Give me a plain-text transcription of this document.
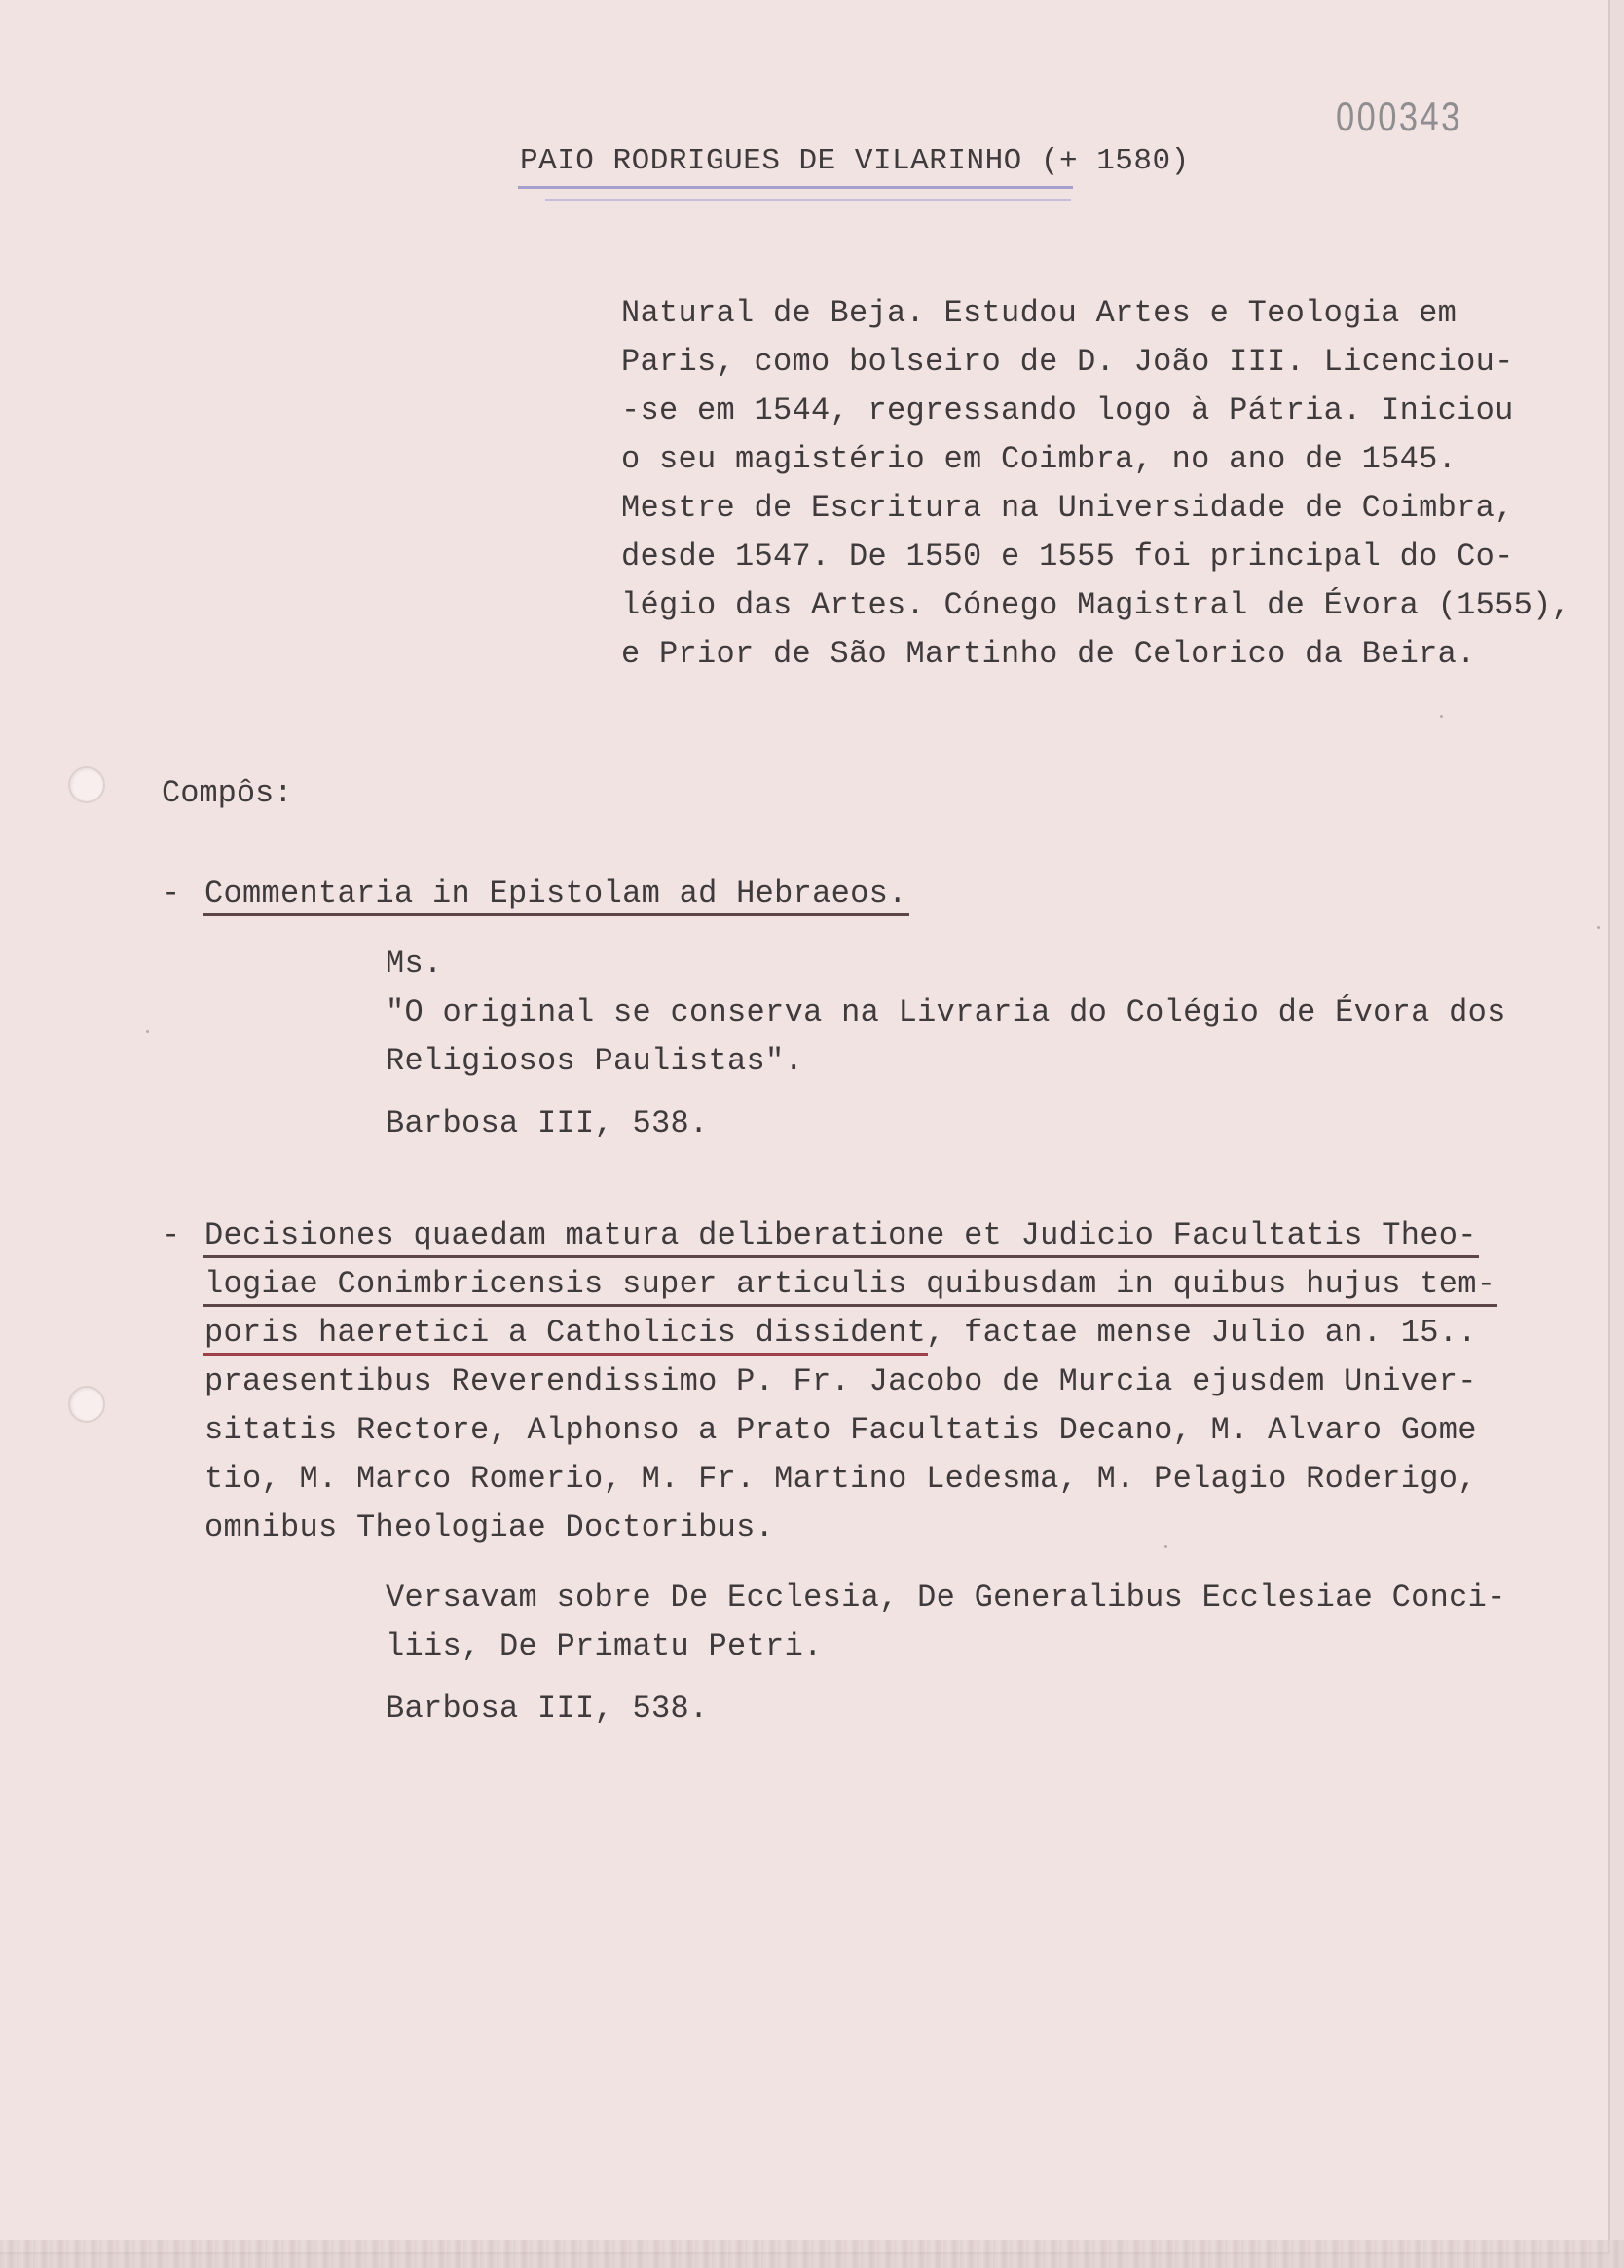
000343
PAIO RODRIGUES DE VILARINHO (+ 1580)
Natural de Beja. Estudou Artes e Teologia em
Paris, como bolseiro de D. João III. Licenciou-
-se em 1544, regressando logo à Pátria. Iniciou
o seu magistério em Coimbra, no ano de 1545.
Mestre de Escritura na Universidade de Coimbra,
desde 1547. De 1550 e 1555 foi principal do Co-
légio das Artes. Cónego Magistral de Évora (1555),
e Prior de São Martinho de Celorico da Beira.
Compôs:
- Commentaria in Epistolam ad Hebraeos.
Ms.
"O original se conserva na Livraria do Colégio de Évora dos
Religiosos Paulistas".
Barbosa III, 538.
- Decisiones quaedam matura deliberatione et Judicio Facultatis Theo-
logiae Conimbricensis super articulis quibusdam in quibus hujus tem-
poris haeretici a Catholicis dissident, factae mense Julio an. 15..
praesentibus Reverendissimo P. Fr. Jacobo de Murcia ejusdem Univer-
sitatis Rectore, Alphonso a Prato Facultatis Decano, M. Alvaro Gome
tio, M. Marco Romerio, M. Fr. Martino Ledesma, M. Pelagio Roderigo,
omnibus Theologiae Doctoribus.
Versavam sobre De Ecclesia, De Generalibus Ecclesiae Conci-
liis, De Primatu Petri.
Barbosa III, 538.
